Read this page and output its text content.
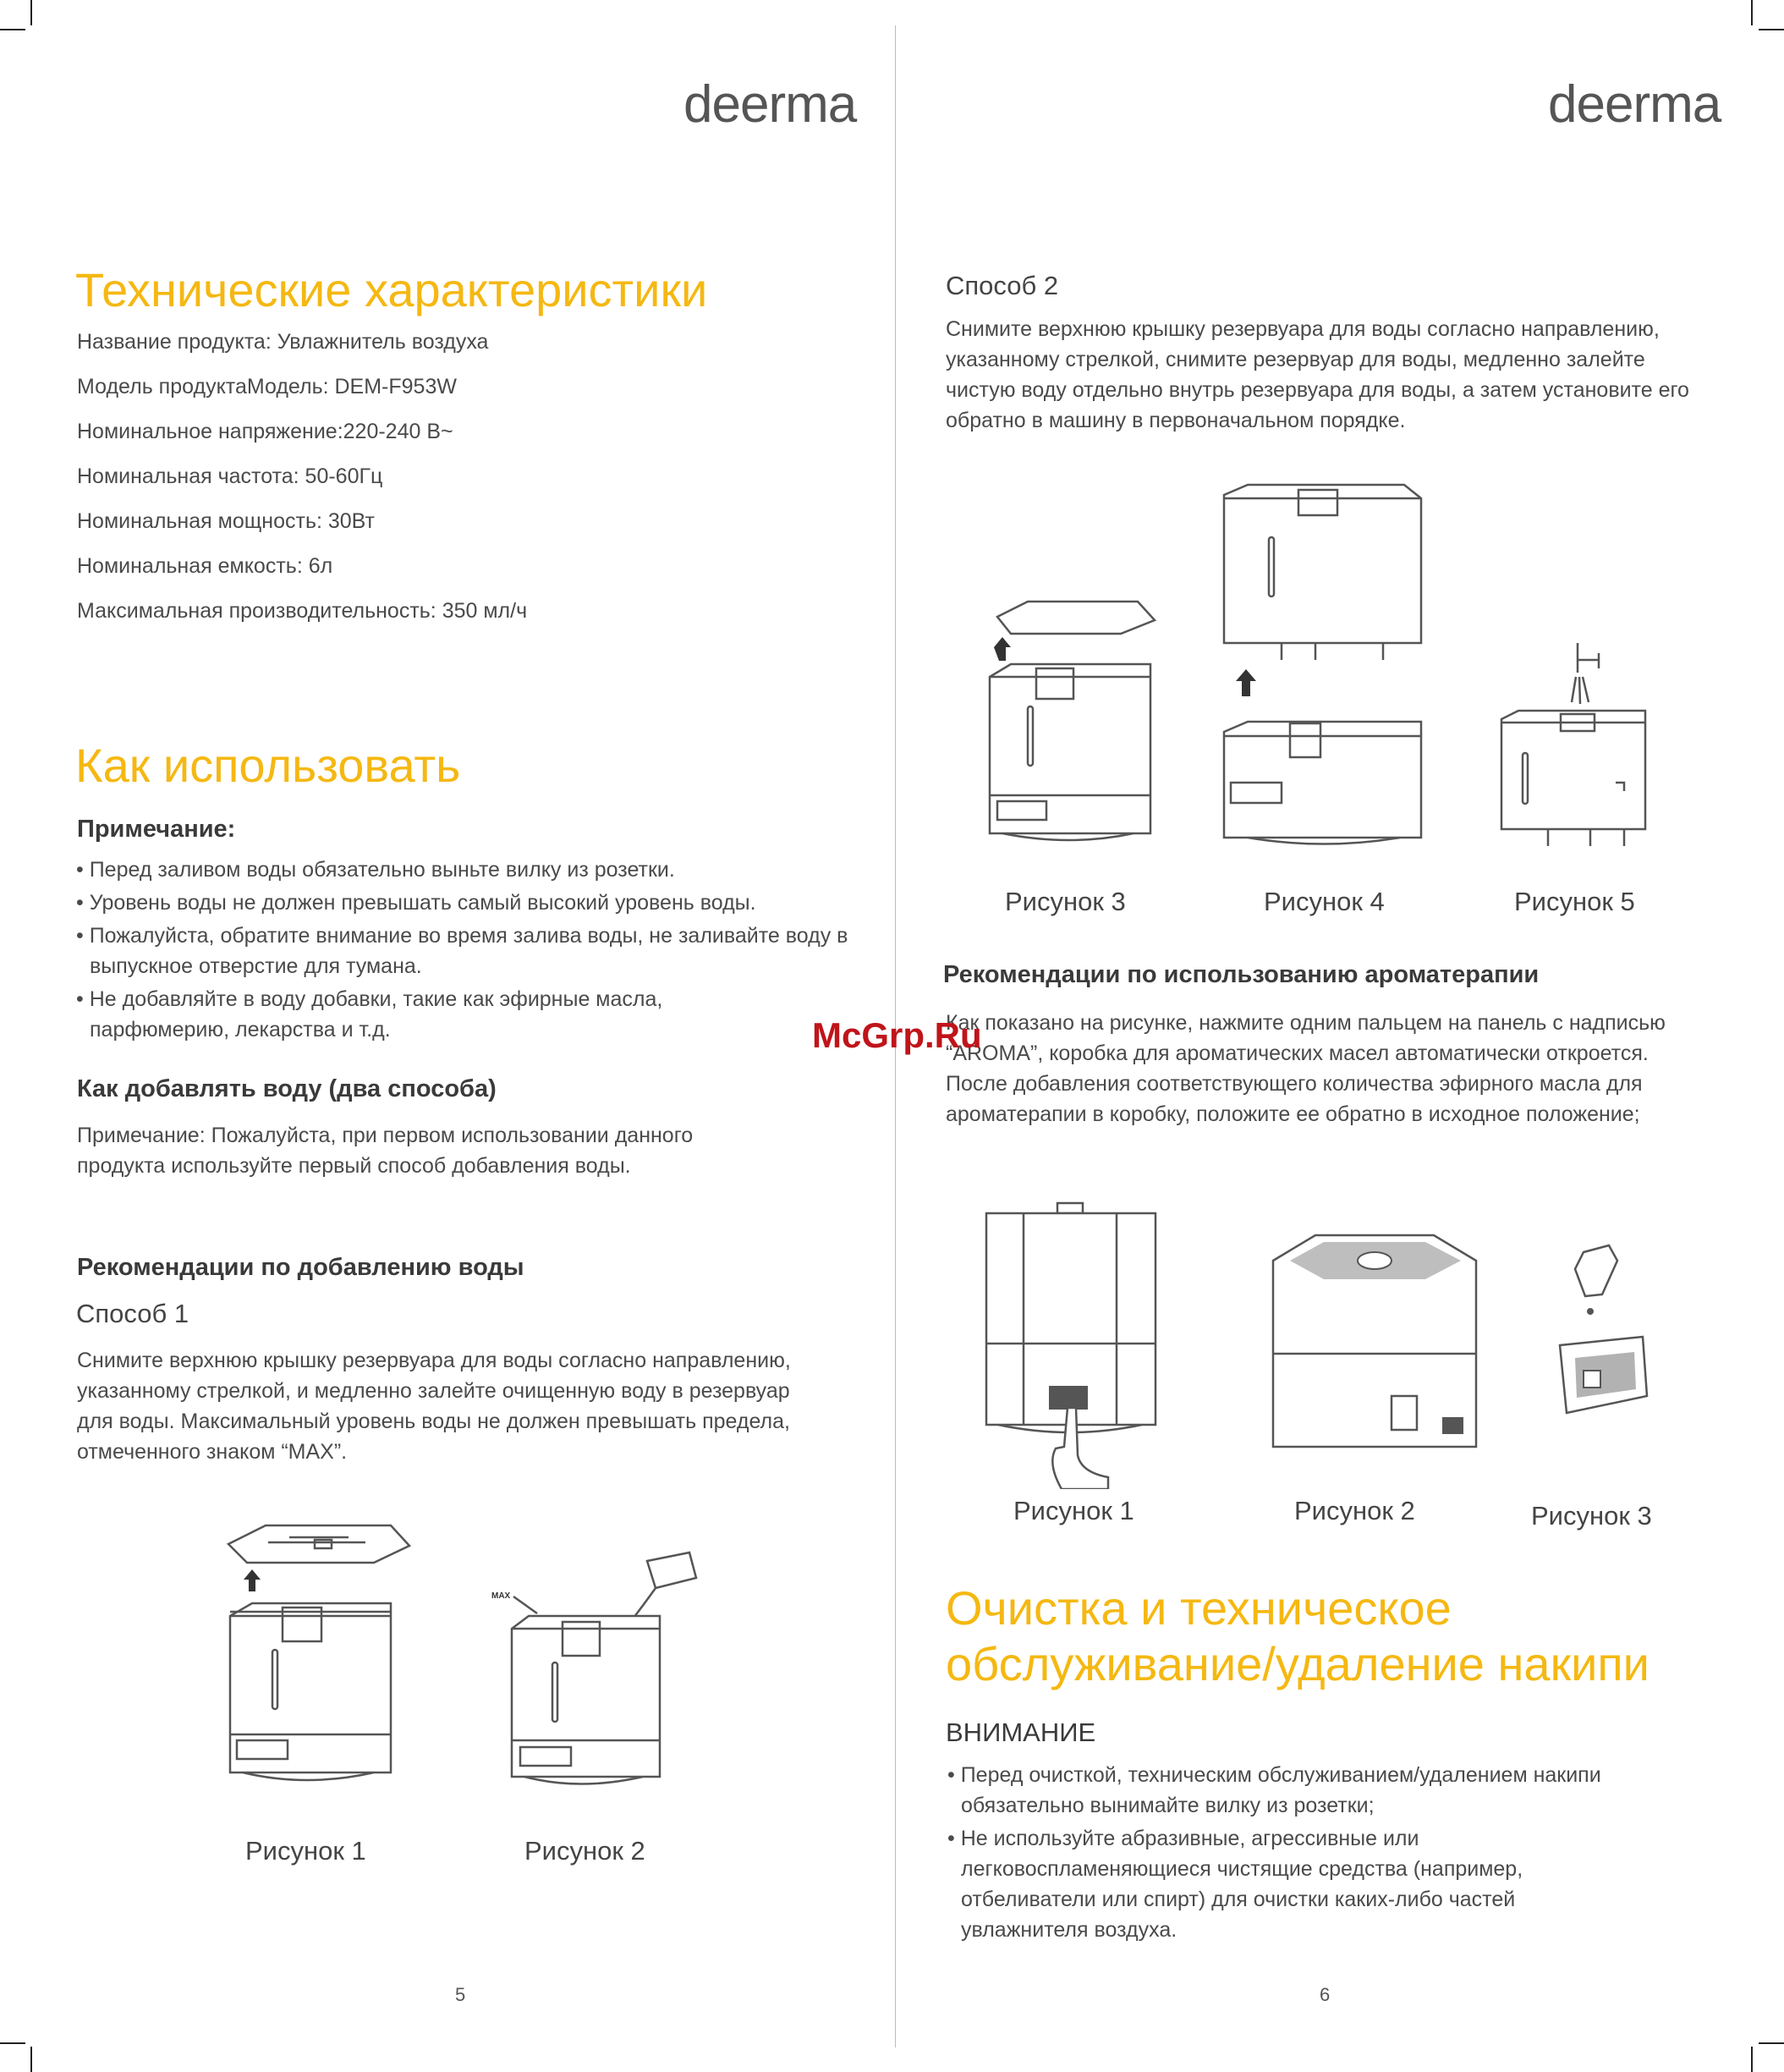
deerma	deerma
Технические характеристики
Название продукта: Увлажнитель воздуха
Модель продуктаМодель: DEM-F953W
Номинальное напряжение:220-240 В~
Номинальная частота: 50-60Гц
Номинальная мощность: 30Вт
Номинальная емкость: 6л
Максимальная производительность: 350 мл/ч
Как использовать
Примечание:
• Перед заливом воды обязательно выньте вилку из розетки.
• Уровень воды не должен превышать самый высокий уровень воды.
• Пожалуйста, обратите внимание во время залива воды, не заливайте воду в выпускное отверстие для тумана.
• Не добавляйте в воду добавки, такие как эфирные масла, парфюмерию, лекарства и т.д.
Как добавлять воду (два способа)

Примечание: Пожалуйста, при первом использовании данного продукта используйте первый способ добавления воды.

Рекомендации по добавлению воды
Способ 1

Снимите верхнюю крышку резервуара для воды согласно направлению, указанному стрелкой, и медленно залейте очищенную воду в резервуар для воды. Максимальный уровень воды не должен превышать предела, отмеченного знаком “MAX”.

MAX
Рисунок 1	Рисунок 2
5
Способ 2

Снимите верхнюю крышку резервуара для воды согласно направлению, указанному стрелкой, снимите резервуар для воды, медленно залейте чистую воду отдельно внутрь резервуара для воды, а затем установите его обратно в машину в первоначальном порядке.

Рисунок 3	Рисунок 4	Рисунок 5
Рекомендации по использованию ароматерапии

Как показано на рисунке, нажмите одним пальцем на панель с надписью “AROMA”, коробка для ароматических масел автоматически откроется. После добавления соответствующего количества эфирного масла для ароматерапии в коробку, положите ее обратно в исходное положение;

Рисунок 1	Рисунок 2	Рисунок 3
Очистка и техническое
обслуживание/удаление накипи
ВНИМАНИЕ
• Перед очисткой, техническим обслуживанием/удалением накипи обязательно вынимайте вилку из розетки;
• Не используйте абразивные, агрессивные или легковоспламеняющиеся чистящие средства (например, отбеливатели или спирт) для очистки каких-либо частей увлажнителя воздуха.
6
McGrp.Ru
